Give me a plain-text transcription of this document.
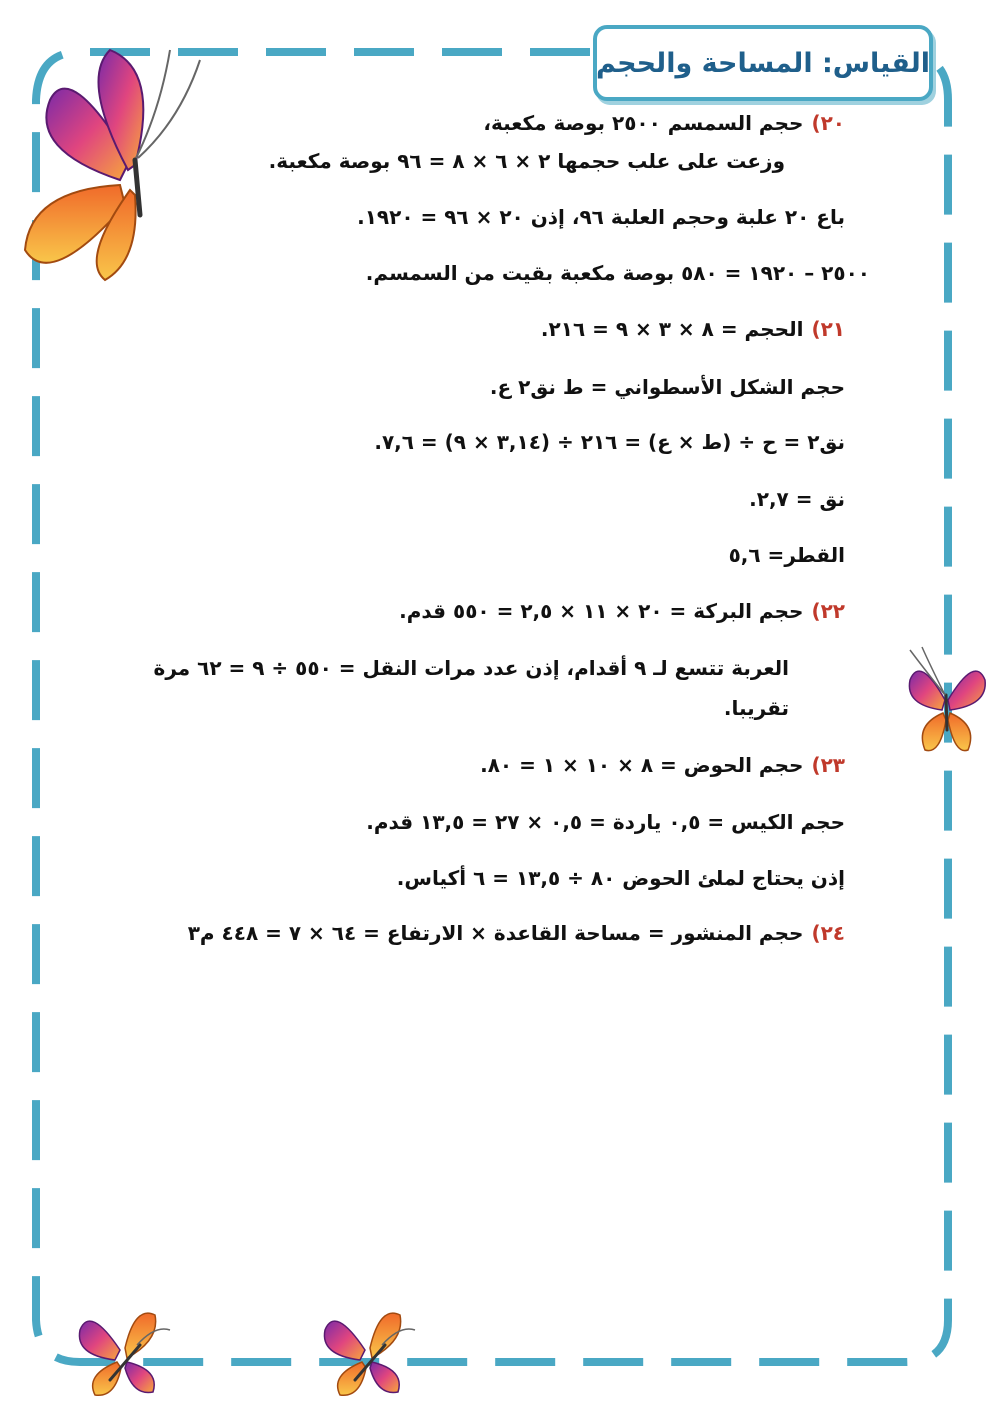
القياس: المساحة والحجم
٢٠)حجم السمسم ٢٥٠٠ بوصة مكعبة،
وزعت على علب حجمها ٢ × ٦ × ٨ = ٩٦ بوصة مكعبة.
باع ٢٠ علبة وحجم العلبة ٩٦، إذن ٢٠ × ٩٦ = ١٩٢٠.
٢٥٠٠ – ١٩٢٠ = ٥٨٠ بوصة مكعبة بقيت من السمسم.
٢١)الحجم = ٨ × ٣ × ٩ = ٢١٦.
حجم الشكل الأسطواني = ط نق٢ ع.
نق٢ = ح ÷ (ط × ع) = ٢١٦ ÷ (٣,١٤ × ٩) = ٧,٦.
نق = ٢,٧.
القطر= ٥,٦
٢٢)حجم البركة = ٢٠ × ١١ × ٢,٥ = ٥٥٠ قدم.
العربة تتسع لـ ٩ أقدام، إذن عدد مرات النقل = ٥٥٠ ÷ ٩ = ٦٢ مرة تقريبا.
٢٣)حجم الحوض = ٨ × ١٠ × ١ = ٨٠.
حجم الكيس = ٠,٥ ياردة = ٠,٥ × ٢٧ = ١٣,٥ قدم.
إذن يحتاج لملئ الحوض ٨٠ ÷ ١٣,٥ = ٦ أكياس.
٢٤)حجم المنشور = مساحة القاعدة × الارتفاع = ٦٤ × ٧ = ٤٤٨ م٣
